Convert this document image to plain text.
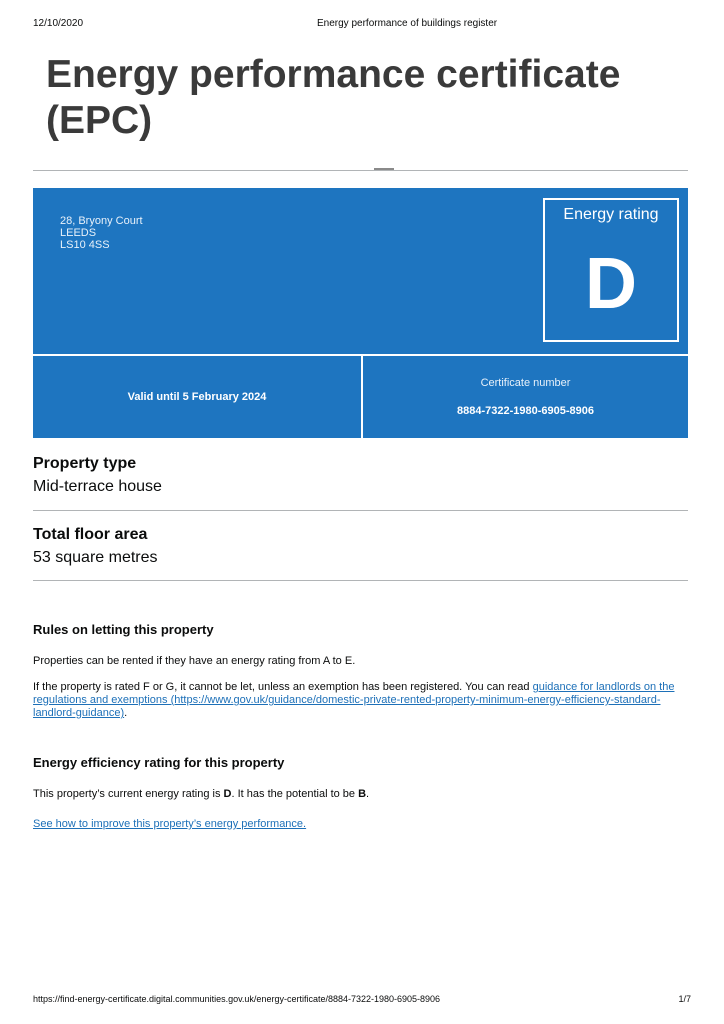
12/10/2020	Energy performance of buildings register
Energy performance certificate (EPC)
28, Bryony Court
LEEDS
LS10 4SS
Energy rating
D
Valid until 5 February 2024
Certificate number
8884-7322-1980-6905-8906
Property type
Mid-terrace house
Total floor area
53 square metres
Rules on letting this property

Properties can be rented if they have an energy rating from A to E.

If the property is rated F or G, it cannot be let, unless an exemption has been registered. You can read guidance for landlords on the regulations and exemptions (https://www.gov.uk/guidance/domestic-private-rented-property-minimum-energy-efficiency-standard-landlord-guidance).

Energy efficiency rating for this property

This property’s current energy rating is D. It has the potential to be B.

See how to improve this property’s energy performance.

https://find-energy-certificate.digital.communities.gov.uk/energy-certificate/8884-7322-1980-6905-8906	1/7
